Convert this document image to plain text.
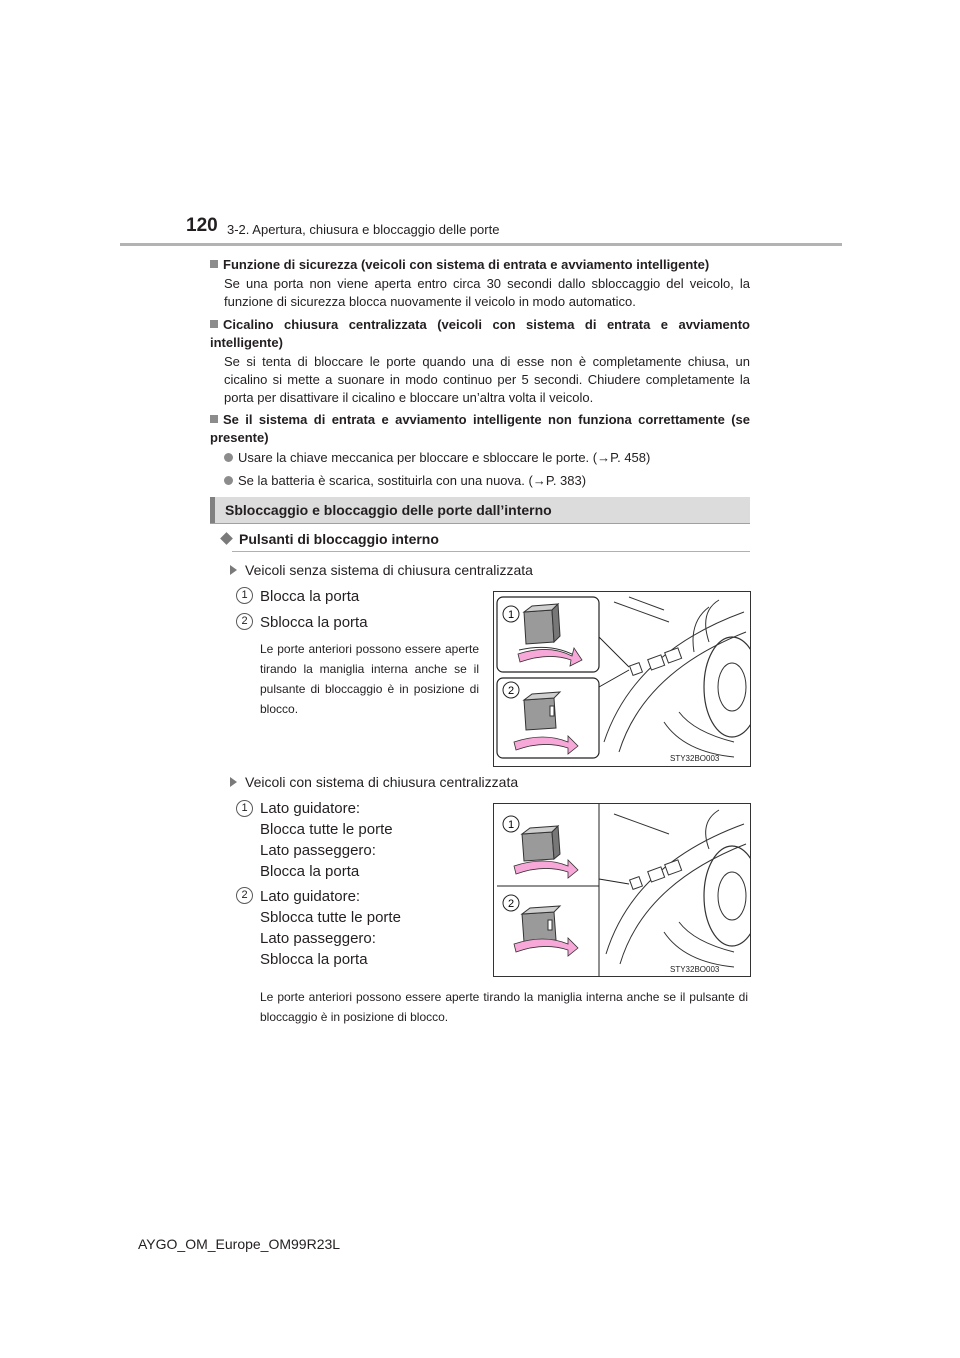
120 3-2. Apertura, chiusura e bloccaggio delle porte
Funzione di sicurezza (veicoli con sistema di entrata e avviamento intelligente)
Se una porta non viene aperta entro circa 30 secondi dallo sbloccaggio del veicolo, la funzione di sicurezza blocca nuovamente il veicolo in modo automatico.
Cicalino chiusura centralizzata (veicoli con sistema di entrata e avviamento intelligente)
Se si tenta di bloccare le porte quando una di esse non è completamente chiusa, un cicalino si mette a suonare in modo continuo per 5 secondi. Chiudere completamente la porta per disattivare il cicalino e bloccare un’altra volta il veicolo.
Se il sistema di entrata e avviamento intelligente non funziona correttamente (se presente)
Usare la chiave meccanica per bloccare e sbloccare le porte. (→P. 458)
Se la batteria è scarica, sostituirla con una nuova. (→P. 383)
Sbloccaggio e bloccaggio delle porte dall’interno
Pulsanti di bloccaggio interno
Veicoli senza sistema di chiusura centralizzata
1 Blocca la porta
2 Sblocca la porta
Le porte anteriori possono essere aperte tirando la maniglia interna anche se il pulsante di bloccaggio è in posizione di blocco.
1
2
STY32BO003
Veicoli con sistema di chiusura centralizzata
1 Lato guidatore:
Blocca tutte le porte
Lato passeggero:
Blocca la porta
2 Lato guidatore:
Sblocca tutte le porte
Lato passeggero:
Sblocca la porta
1
2
STY32BO003
Le porte anteriori possono essere aperte tirando la maniglia interna anche se il pulsante di bloccaggio è in posizione di blocco.
AYGO_OM_Europe_OM99R23L
